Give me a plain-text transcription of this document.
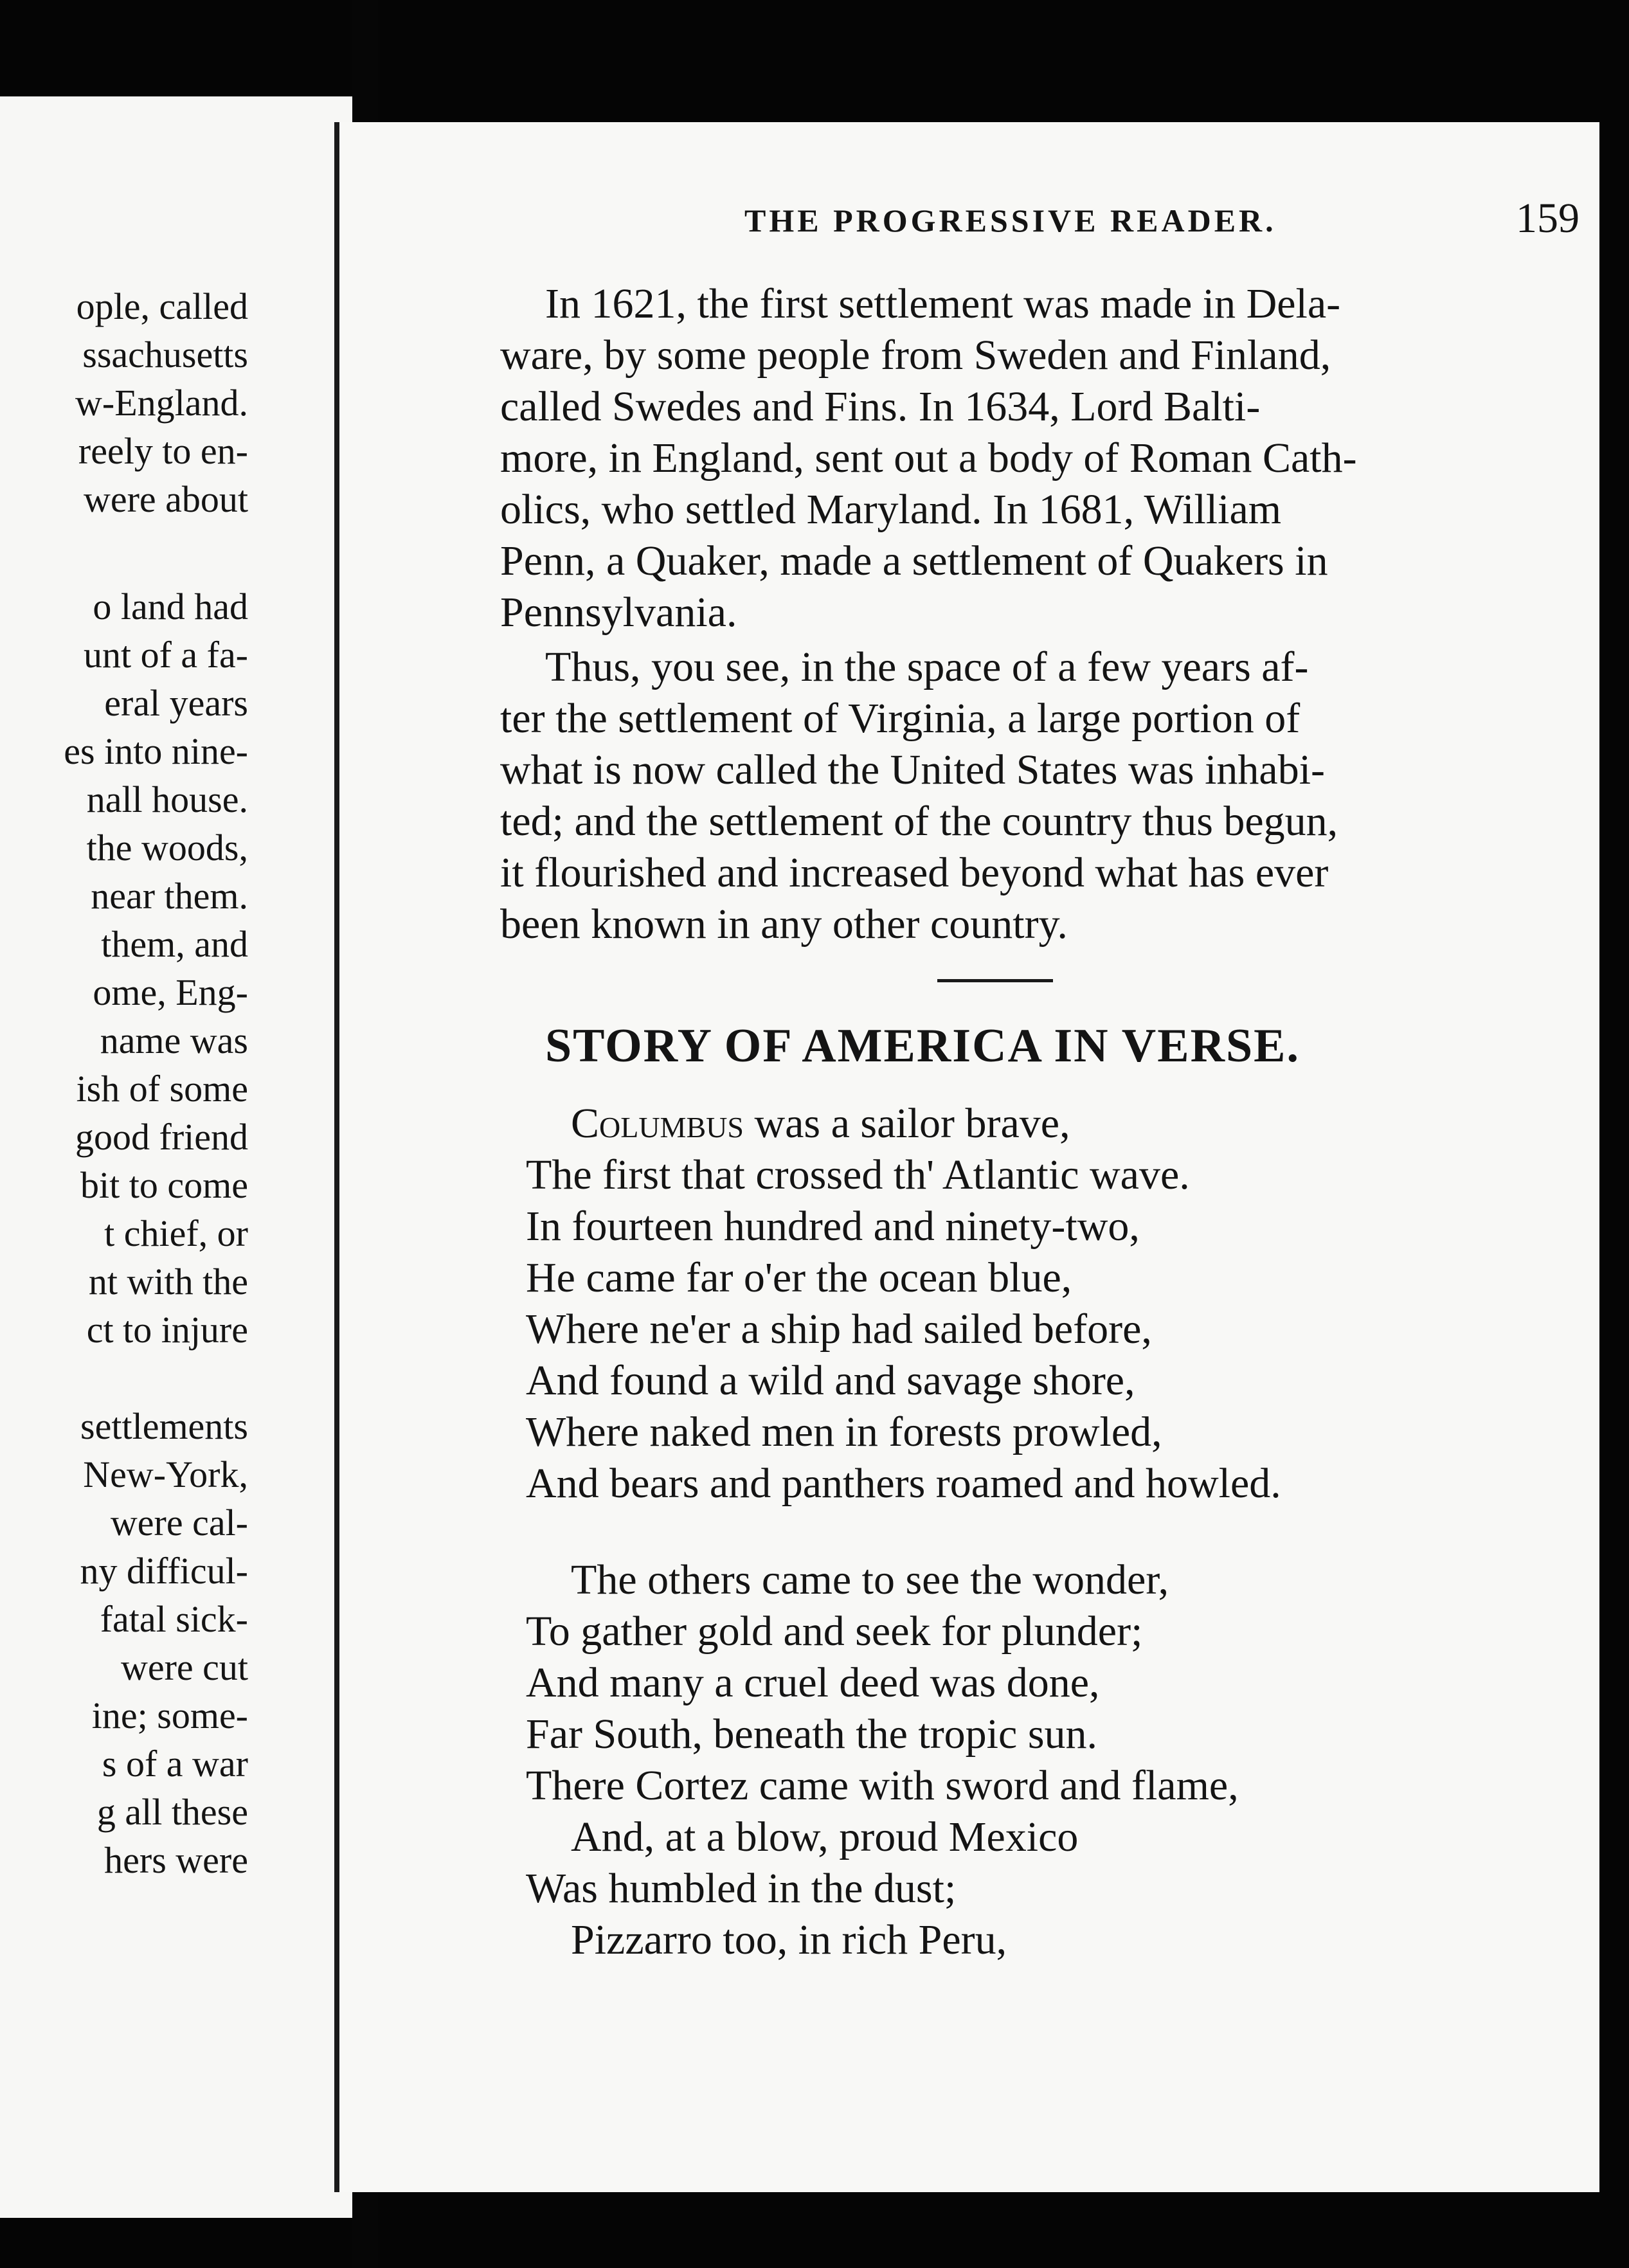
ople, called
ssachusetts
w-England.
reely to en-
were about
o land had
unt of a fa-
eral years
es into nine-
nall house.
the woods,
near them.
them, and
ome, Eng-
name was
ish of some
good friend
bit to come
t chief, or
nt with the
ct to injure
settlements
New-York,
were cal-
ny difficul-
fatal sick-
were cut
ine; some-
s of a war
g all these
hers were
THE PROGRESSIVE READER.	159
In 1621, the first settlement was made in Dela-
ware, by some people from Sweden and Finland,
called Swedes and Fins. In 1634, Lord Balti-
more, in England, sent out a body of Roman Cath-
olics, who settled Maryland. In 1681, William
Penn, a Quaker, made a settlement of Quakers in
Pennsylvania.
Thus, you see, in the space of a few years af-
ter the settlement of Virginia, a large portion of
what is now called the United States was inhabi-
ted; and the settlement of the country thus begun,
it flourished and increased beyond what has ever
been known in any other country.
STORY OF AMERICA IN VERSE.
Columbus was a sailor brave,
The first that crossed th' Atlantic wave.
In fourteen hundred and ninety-two,
He came far o'er the ocean blue,
Where ne'er a ship had sailed before,
And found a wild and savage shore,
Where naked men in forests prowled,
And bears and panthers roamed and howled.
The others came to see the wonder,
To gather gold and seek for plunder;
And many a cruel deed was done,
Far South, beneath the tropic sun.
There Cortez came with sword and flame,
And, at a blow, proud Mexico
Was humbled in the dust;
Pizzarro too, in rich Peru,
